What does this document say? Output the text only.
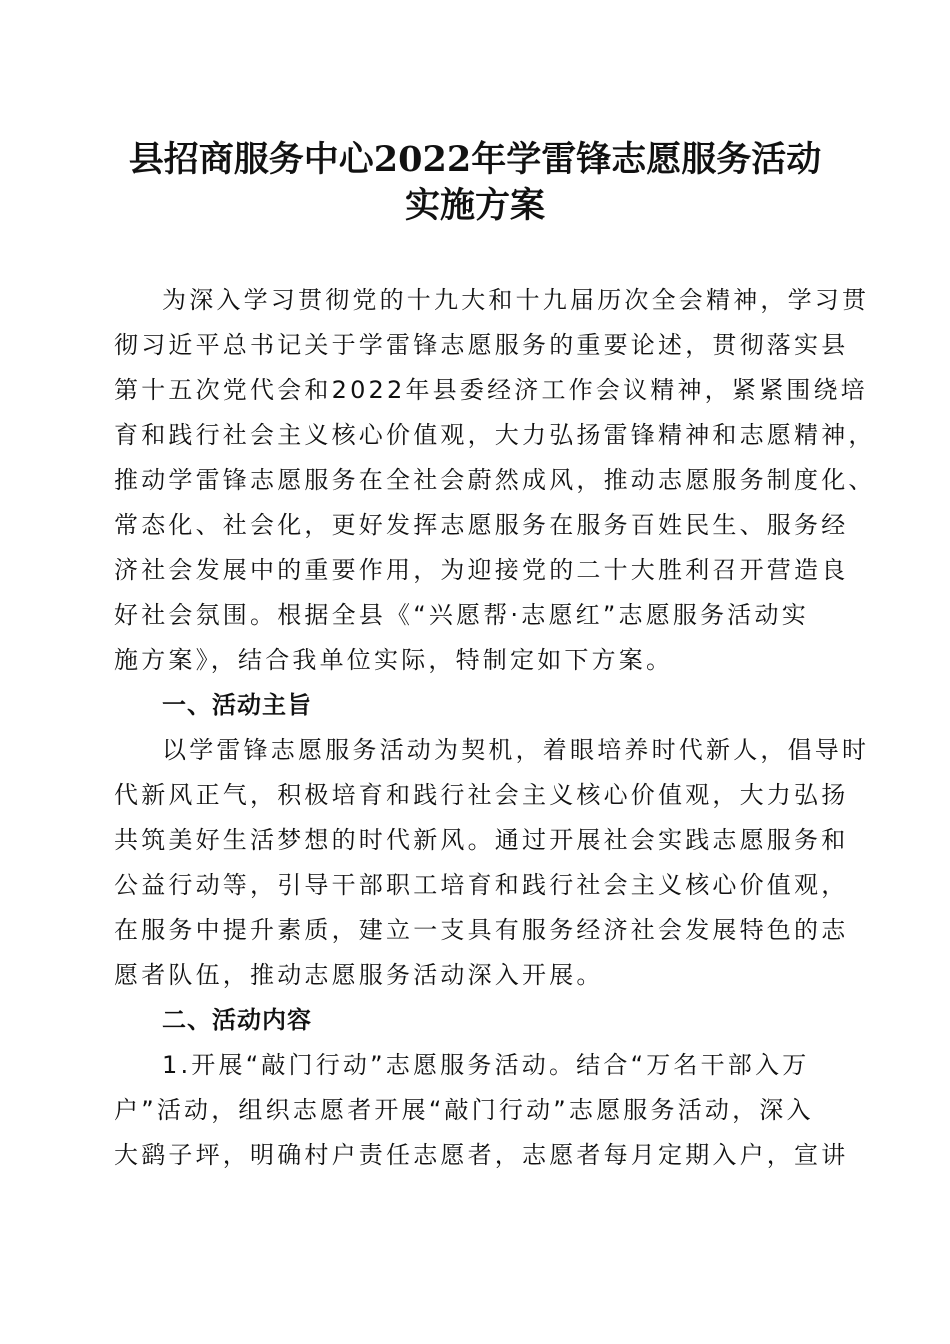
县招商服务中心2022年学雷锋志愿服务活动
实施方案
为深入学习贯彻党的十九大和十九届历次全会精神，学习贯
彻习近平总书记关于学雷锋志愿服务的重要论述，贯彻落实县
第十五次党代会和2022年县委经济工作会议精神，紧紧围绕培
育和践行社会主义核心价值观，大力弘扬雷锋精神和志愿精神，
推动学雷锋志愿服务在全社会蔚然成风，推动志愿服务制度化、
常态化、社会化，更好发挥志愿服务在服务百姓民生、服务经
济社会发展中的重要作用，为迎接党的二十大胜利召开营造良
好社会氛围。根据全县《“兴愿帮·志愿红”志愿服务活动实
施方案》，结合我单位实际，特制定如下方案。
一、活动主旨
以学雷锋志愿服务活动为契机，着眼培养时代新人，倡导时
代新风正气，积极培育和践行社会主义核心价值观，大力弘扬
共筑美好生活梦想的时代新风。通过开展社会实践志愿服务和
公益行动等，引导干部职工培育和践行社会主义核心价值观，
在服务中提升素质，建立一支具有服务经济社会发展特色的志
愿者队伍，推动志愿服务活动深入开展。
二、活动内容
1.开展“敲门行动”志愿服务活动。结合“万名干部入万
户”活动，组织志愿者开展“敲门行动”志愿服务活动，深入
大鹞子坪，明确村户责任志愿者，志愿者每月定期入户，宣讲
